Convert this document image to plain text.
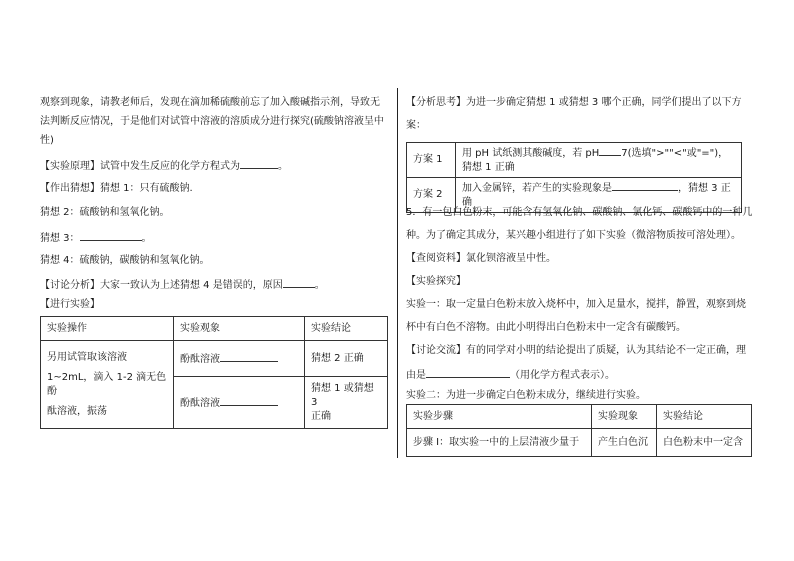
观察到现象，请教老师后，发现在滴加稀硫酸前忘了加入酸碱指示剂，导致无
法判断反应情况，于是他们对试管中溶液的溶质成分进行探究(硫酸钠溶液呈中
性)
【实验原理】试管中发生反应的化学方程式为	。
【作出猜想】猜想 1：只有硫酸钠.
猜想 2：硫酸钠和氢氧化钠。
猜想 3：	。
猜想 4：硫酸钠，碳酸钠和氢氧化钠。
【讨论分析】大家一致认为上述猜想 4 是错误的，原因	。
【进行实验】
实验操作	实验观象	实验结论

另用试管取该溶液
1~2mL，滴入 1-2 滴无色酚
酞溶液，振荡	酚酞溶液	猜想 2 正确
	酚酞溶液	猜想 1 或猜想 3
正确
【分析思考】为进一步确定猜想 1 或猜想 3 哪个正确，同学们提出了以下方
案：
方案 1	用 pH 试纸测其酸碱度，若 pH 7(选填">""<"或"=")，猜想 1 正确
方案 2	加入金属锌，若产生的实验现象是 ，猜想 3 正确
5．有一包白色粉末，可能含有氢氧化钠、碳酸钠、氯化钙、碳酸钙中的一种几
种。为了确定其成分，某兴趣小组进行了如下实验（微溶物质按可溶处理）。
【查阅资料】氯化钡溶液呈中性。
【实验探究】
实验一：取一定量白色粉末放入烧杯中，加入足量水，搅拌，静置，观察到烧
杯中有白色不溶物。由此小明得出白色粉末中一定含有碳酸钙。
【讨论交流】有的同学对小明的结论提出了质疑，认为其结论不一定正确，理
由是	（用化学方程式表示）。
实验二：为进一步确定白色粉末成分，继续进行实验。
实验步骤	实验现象	实验结论
步骤 I：取实验一中的上层清液少量于	产生白色沉	白色粉末中一定含
